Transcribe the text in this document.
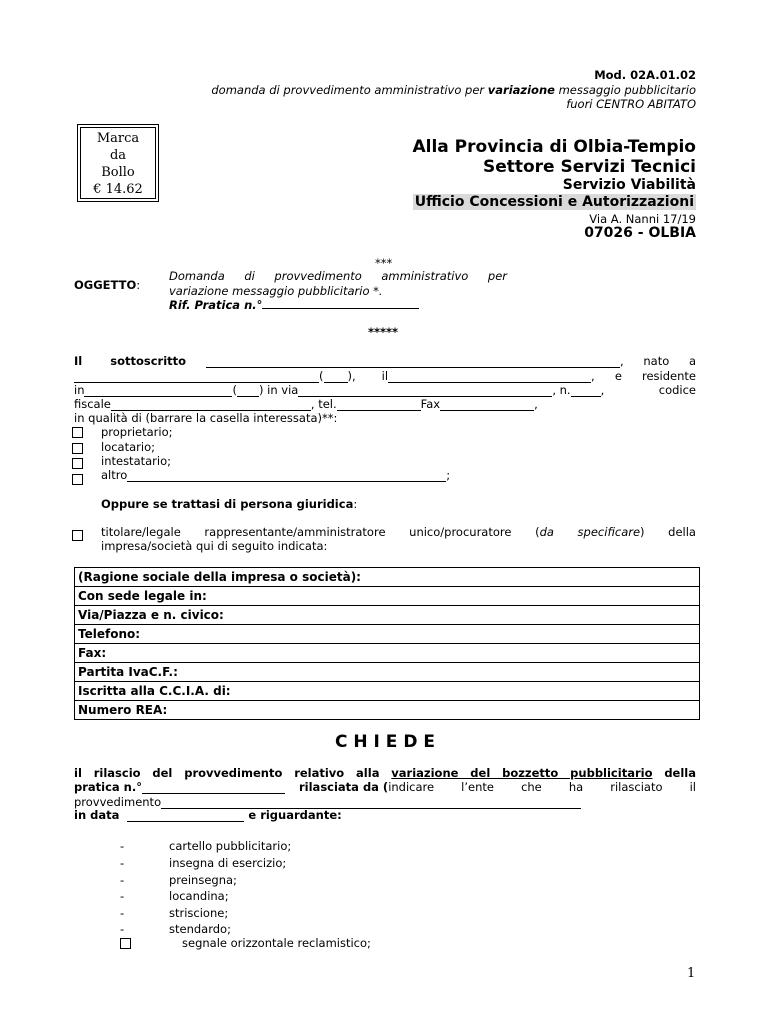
Mod. 02A.01.02
domanda di provvedimento amministrativo per variazione messaggio pubblicitario
fuori CENTRO ABITATO
Marca
da
Bollo
€ 14.62
Alla Provincia di Olbia-Tempio
Settore Servizi Tecnici
Servizio Viabilità
Ufficio Concessioni e Autorizzazioni
Via A. Nanni 17/19
07026 - OLBIA
***
OGGETTO:
Domanda di provvedimento amministrativo per
variazione messaggio pubblicitario *.
Rif. Pratica n.°
*****
Il sottoscritto	, nato a
( ), il	, e residente
in	( ) in via	, n.	, codice
fiscale	, tel.	Fax	,
in qualità di (barrare la casella interessata)**:
proprietario;
locatario;
intestatario;
altro	;
Oppure se trattasi di persona giuridica:
titolare/legale rappresentante/amministratore unico/procuratore (da specificare) della
impresa/società qui di seguito indicata:
(Ragione sociale della impresa o società):
Con sede legale in:
Via/Piazza e n. civico:
Telefono:
Fax:
Partita IvaC.F.:
Iscritta alla C.C.I.A. di:
Numero REA:
C H I E D E
il rilascio del provvedimento relativo alla variazione del bozzetto pubblicitario della
pratica n.°	rilasciata da ( indicare l’ente che ha rilasciato il
provvedimento
in data	e riguardante:
-	cartello pubblicitario;
-	insegna di esercizio;
-	preinsegna;
-	locandina;
-	striscione;
-	stendardo;
segnale orizzontale reclamistico;
1
